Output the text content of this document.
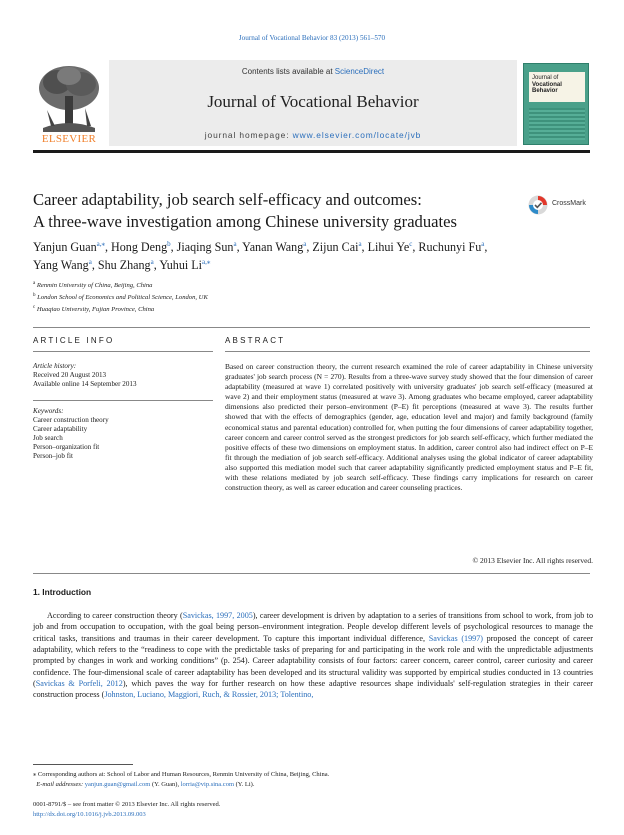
Journal of Vocational Behavior 83 (2013) 561–570
ELSEVIER
Contents lists available at ScienceDirect
Journal of Vocational Behavior
journal homepage: www.elsevier.com/locate/jvb
Journal of
Vocational
Behavior
Career adaptability, job search self-efficacy and outcomes:
A three-wave investigation among Chinese university graduates
CrossMark
Yanjun Guan$^{a,⁎}$, Hong Deng$^b$, Jiaqing Sun$^a$, Yanan Wang$^a$, Zijun Cai$^a$, Lihui Ye$^c$, Ruchunyi Fu$^a$,
Yang Wang$^a$, Shu Zhang$^a$, Yuhui $Li^{a,⁎}$
$^a$ Renmin University of China, Beijing, China
$^b$ London School of Economics and Political Science, London, UK
$^c$ Huaqiao University, Fujian Province, China
ARTICLE INFO
Article history:
Received 20 August 2013
Available online 14 September 2013
Keywords:
Career construction theory
Career adaptability
Job search
Person–organization fit
Person–job fit
ABSTRACT
Based on career construction theory, the current research examined the role of career adaptability in Chinese university graduates' job search process (N = 270). Results from a three-wave survey study showed that the four dimension of career adaptability (measured at wave 1) correlated positively with university graduates' job search self-efficacy (measured at wave 2) and their employment status (measured at wave 3). Among graduates who became employed, career adaptability dimensions also predicted their person–environment (P–E) fit perceptions (measured at wave 3). The results further showed that with the effects of demographics (gender, age, education level and major) and family background (family economical status and parental education) controlled for, when putting the four dimensions of career adaptability together, career concern and career control served as the strongest predictors for job search self-efficacy, which further mediated the positive effects of these two dimensions on employment status. In addition, career control also had indirect effect on P–E fit through the mediation of job search self-efficacy. Additional analyses using the global indicator of career adaptability also supported this mediation model such that career adaptability significantly predicted employment status and P–E fit, with these relations mediated by job search self-efficacy. These findings carry implications for research on career construction theory, as well as career education and career counseling practices.
© 2013 Elsevier Inc. All rights reserved.
1. Introduction
According to career construction theory (Savickas, 1997, 2005), career development is driven by adaptation to a series of transitions from school to work, from job to job and from occupation to occupation, with the goal being person–environment integration. People develop different levels of psychological resources to manage the critical tasks, transitions and traumas in their career development. To capture this important individual difference, Savickas (1997) proposed the concept of career adaptability, which refers to the “readiness to cope with the predictable tasks of preparing for and participating in the work role and with the unpredictable adjustments prompted by changes in work and working conditions” (p. 254). Career adaptability consists of four factors: career concern, career control, career curiosity and career confidence. The four-dimensional scale of career adaptability has been developed and its structural validity was supported by empirical studies conducted in 13 countries (Savickas & Porfeli, 2012), which paves the way for further research on how these adaptive resources shape individuals' self-regulation strategies in their career construction process (Johnston, Luciano, Maggiori, Ruch, & Rossier, 2013; Tolentino,
⁎ Corresponding authors at: School of Labor and Human Resources, Renmin University of China, Beijing, China.
E-mail addresses: yanjun.guan@gmail.com (Y. Guan), lorria@vip.sina.com (Y. Li).
0001-8791/$ – see front matter © 2013 Elsevier Inc. All rights reserved.
http://dx.doi.org/10.1016/j.jvb.2013.09.003
